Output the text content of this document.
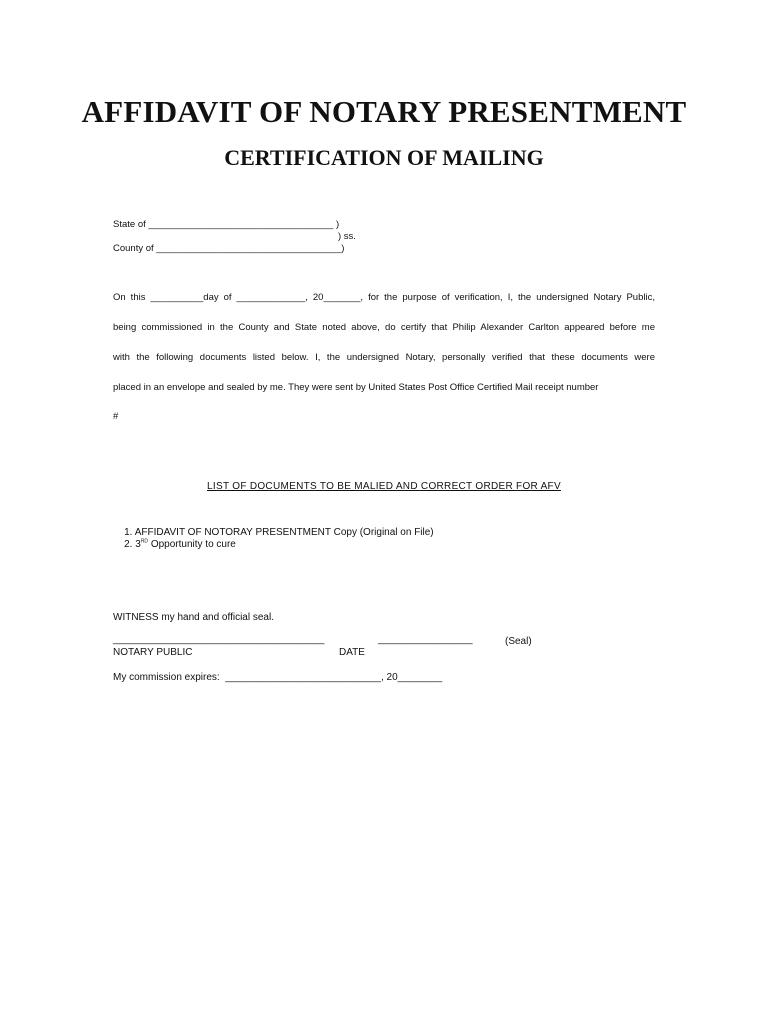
AFFIDAVIT OF NOTARY PRESENTMENT
CERTIFICATION OF MAILING
State of ___________________________________ )
) ss.
County of ___________________________________)
On this __________day of _____________, 20_______, for the purpose of verification, I, the undersigned Notary Public,
being commissioned in the County and State noted above, do certify that Philip Alexander Carlton appeared before me
with the following documents listed below. I, the undersigned Notary, personally verified that these documents were
placed in an envelope and sealed by me. They were sent by United States Post Office Certified Mail receipt number
#
LIST OF DOCUMENTS TO BE MALIED AND CORRECT ORDER FOR AFV

1. AFFIDAVIT OF NOTORAY PRESENTMENT Copy (Original on File)

2. 3RD Opportunity to cure

WITNESS my hand and official seal.
______________________________________	_________________	(Seal)
NOTARY PUBLIC	DATE
My commission expires: ____________________________, 20________
